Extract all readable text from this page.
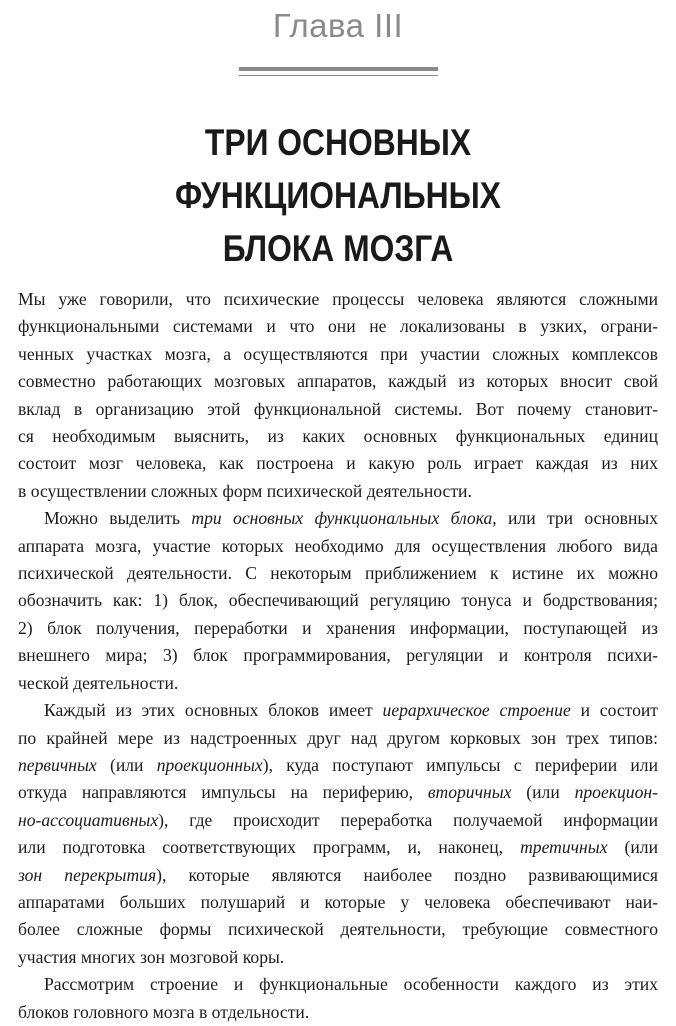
Глава III
ТРИ ОСНОВНЫХ
ФУНКЦИОНАЛЬНЫХ
БЛОКА МОЗГА

Мы уже говорили, что психические процессы человека являются сложными
функциональными системами и что они не локализованы в узких, ограни-
ченных участках мозга, а осуществляются при участии сложных комплексов
совместно работающих мозговых аппаратов, каждый из которых вносит свой
вклад в организацию этой функциональной системы. Вот почему становит-
ся необходимым выяснить, из каких основных функциональных единиц
состоит мозг человека, как построена и какую роль играет каждая из них
в осуществлении сложных форм психической деятельности.

Можно выделить три основных функциональных блока, или три основных
аппарата мозга, участие которых необходимо для осуществления любого вида
психической деятельности. С некоторым приближением к истине их можно
обозначить как: 1) блок, обеспечивающий регуляцию тонуса и бодрствования;
2) блок получения, переработки и хранения информации, поступающей из
внешнего мира; 3) блок программирования, регуляции и контроля психи-
ческой деятельности.

Каждый из этих основных блоков имеет иерархическое строение и состоит
по крайней мере из надстроенных друг над другом корковых зон трех типов:
первичных (или проекционных), куда поступают импульсы с периферии или
откуда направляются импульсы на периферию, вторичных (или проекцион-
но-ассоциативных), где происходит переработка получаемой информации
или подготовка соответствующих программ, и, наконец, третичных (или
зон перекрытия), которые являются наиболее поздно развивающимися
аппаратами больших полушарий и которые у человека обеспечивают наи-
более сложные формы психической деятельности, требующие совместного
участия многих зон мозговой коры.

Рассмотрим строение и функциональные особенности каждого из этих
блоков головного мозга в отдельности.
